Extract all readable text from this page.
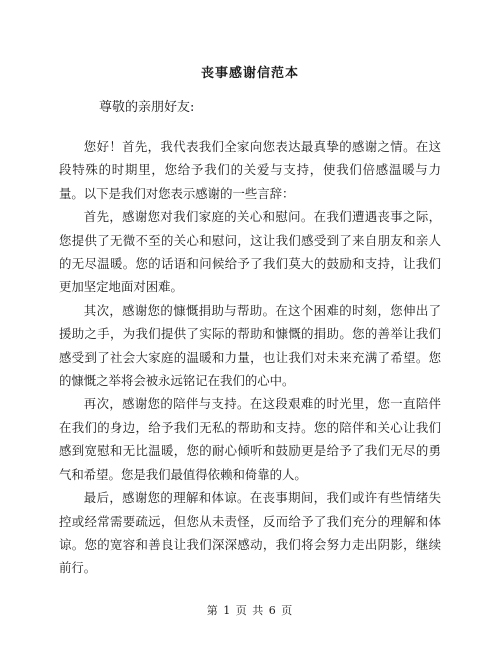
丧事感谢信范本
尊敬的亲朋好友:

您好！首先，我代表我们全家向您表达最真挚的感谢之情。在这段特殊的时期里，您给予我们的关爱与支持，使我们倍感温暖与力量。以下是我们对您表示感谢的一些言辞：

首先，感谢您对我们家庭的关心和慰问。在我们遭遇丧事之际，您提供了无微不至的关心和慰问，这让我们感受到了来自朋友和亲人的无尽温暖。您的话语和问候给予了我们莫大的鼓励和支持，让我们更加坚定地面对困难。

其次，感谢您的慷慨捐助与帮助。在这个困难的时刻，您伸出了援助之手，为我们提供了实际的帮助和慷慨的捐助。您的善举让我们感受到了社会大家庭的温暖和力量，也让我们对未来充满了希望。您的慷慨之举将会被永远铭记在我们的心中。

再次，感谢您的陪伴与支持。在这段艰难的时光里，您一直陪伴在我们的身边，给予我们无私的帮助和支持。您的陪伴和关心让我们感到宽慰和无比温暖，您的耐心倾听和鼓励更是给予了我们无尽的勇气和希望。您是我们最值得依赖和倚靠的人。

最后，感谢您的理解和体谅。在丧事期间，我们或许有些情绪失控或经常需要疏远，但您从未责怪，反而给予了我们充分的理解和体谅。您的宽容和善良让我们深深感动，我们将会努力走出阴影，继续前行。

第 1 页 共 6 页
